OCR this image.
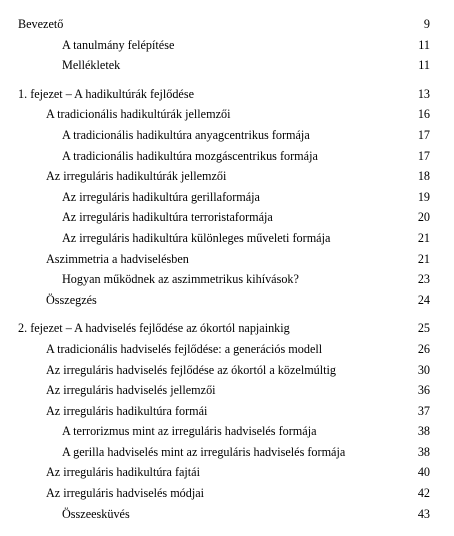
Bevezető	9
A tanulmány felépítése	11
Mellékletek	11
1. fejezet – A hadikultúrák fejlődése	13
A tradicionális hadikultúrák jellemzői	16
A tradicionális hadikultúra anyagcentrikus formája	17
A tradicionális hadikultúra mozgáscentrikus formája	17
Az irreguláris hadikultúrák jellemzői	18
Az irreguláris hadikultúra gerillaformája	19
Az irreguláris hadikultúra terroristaformája	20
Az irreguláris hadikultúra különleges műveleti formája	21
Aszimmetria a hadviselésben	21
Hogyan működnek az aszimmetrikus kihívások?	23
Összegzés	24
2. fejezet – A hadviselés fejlődése az ókortól napjainkig	25
A tradicionális hadviselés fejlődése: a generációs modell	26
Az irreguláris hadviselés fejlődése az ókortól a közelmúltig	30
Az irreguláris hadviselés jellemzői	36
Az irreguláris hadikultúra formái	37
A terrorizmus mint az irreguláris hadviselés formája	38
A gerilla hadviselés mint az irreguláris hadviselés formája	38
Az irreguláris hadikultúra fajtái	40
Az irreguláris hadviselés módjai	42
Összeesküvés	43
